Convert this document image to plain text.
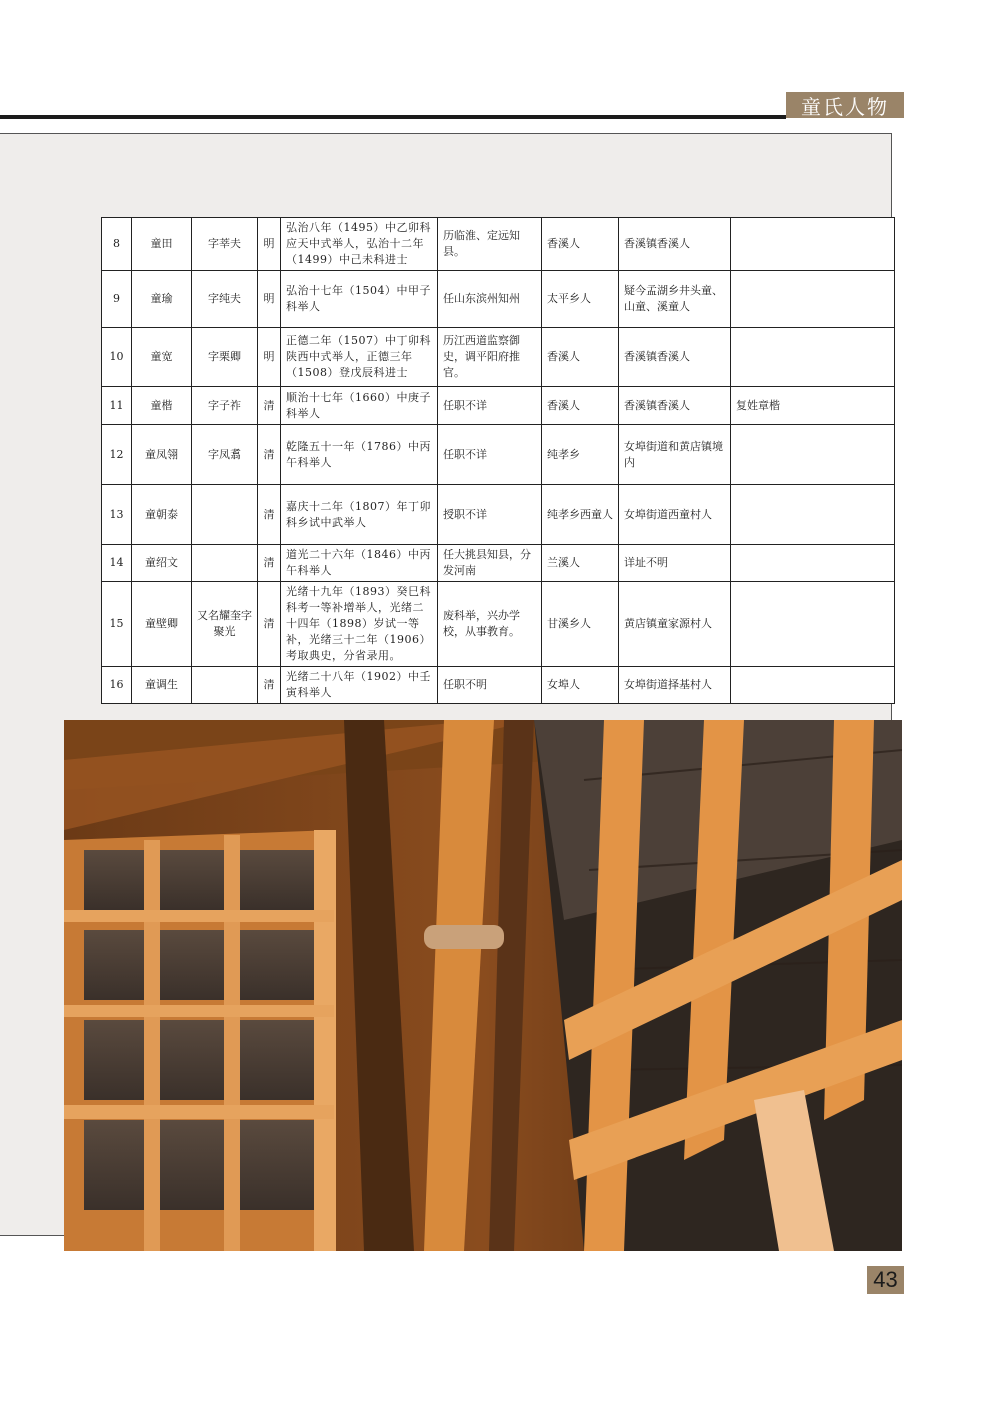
童氏人物
8	童田	字莘夫	明	弘治八年（1495）中乙卯科应天中式举人，弘治十二年（1499）中己未科进士	历临淮、定远知县。	香溪人	香溪镇香溪人	
9	童瑜	字纯夫	明	弘治十七年（1504）中甲子科举人	任山东滨州知州	太平乡人	疑今孟湖乡井头童、山童、溪童人	
10	童宽	字栗卿	明	正德二年（1507）中丁卯科陕西中式举人，正德三年（1508）登戊辰科进士	历江西道监察御史，调平阳府推官。	香溪人	香溪镇香溪人	
11	童楷	字子祚	清	顺治十七年（1660）中庚子科举人	任职不详	香溪人	香溪镇香溪人	复姓章楷
12	童凤翎	字凤翥	清	乾隆五十一年（1786）中丙午科举人	任职不详	纯孝乡	女埠街道和黄店镇境内	
13	童朝泰		清	嘉庆十二年（1807）年丁卯科乡试中武举人	授职不详	纯孝乡西童人	女埠街道西童村人	
14	童绍文		清	道光二十六年（1846）中丙午科举人	任大挑县知县，分发河南	兰溪人	详址不明	
15	童壁卿	又名耀奎字聚光	清	光绪十九年（1893）癸巳科科考一等补增举人，光绪二十四年（1898）岁试一等补，光绪三十二年（1906）考取典史，分省录用。	废科举，兴办学校，从事教育。	甘溪乡人	黄店镇童家源村人	
16	童调生		清	光绪二十八年（1902）中壬寅科举人	任职不明	女埠人	女埠街道择基村人	
43
